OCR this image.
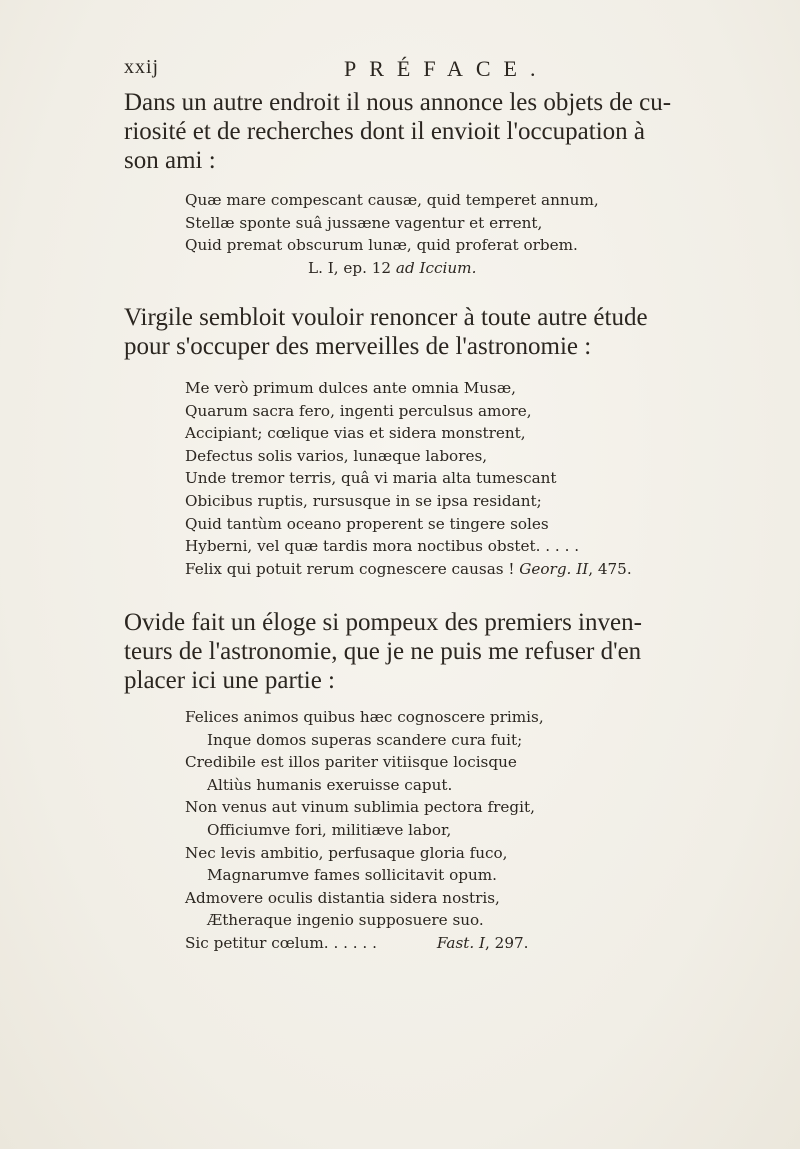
xxij	PRÉFACE.

Dans un autre endroit il nous annonce les objets de cu-
riosité et de recherches dont il envioit l'occupation à
son ami :

Quæ mare compescant causæ, quid temperet annum,
Stellæ sponte suâ jussæne vagentur et errent,
Quid premat obscurum lunæ, quid proferat orbem.
L. I, ep. 12 ad Iccium.

Virgile sembloit vouloir renoncer à toute autre étude
pour s'occuper des merveilles de l'astronomie :

Me verò primum dulces ante omnia Musæ,
Quarum sacra fero, ingenti perculsus amore,
Accipiant; cœliquе vias et sidera monstrent,
Defectus solis varios, lunæque labores,
Unde tremor terris, quâ vi maria alta tumescant
Obicibus ruptis, rursusque in se ipsa residant;
Quid tantùm oceano properent se tingere soles
Hyberni, vel quæ tardis mora noctibus obstet. . . . .
Felix qui potuit rerum cognescere causas ! Georg. II, 475.

Ovide fait un éloge si pompeux des premiers inven-
teurs de l'astronomie, que je ne puis me refuser d'en
placer ici une partie :

Felices animos quibus hæc cognoscere primis,
Inque domos superas scandere cura fuit;
Credibile est illos pariter vitiisque locisque
Altiùs humanis exeruisse caput.
Non venus aut vinum sublimia pectora fregit,
Officiumve fori, militiæve labor,
Nec levis ambitio, perfusaque gloria fuco,
Magnarumve fames sollicitavit opum.
Admovere oculis distantia sidera nostris,
Ætheraque ingenio supposuere suo.
Sic petitur cœlum. . . . . .	Fast. I, 297.
